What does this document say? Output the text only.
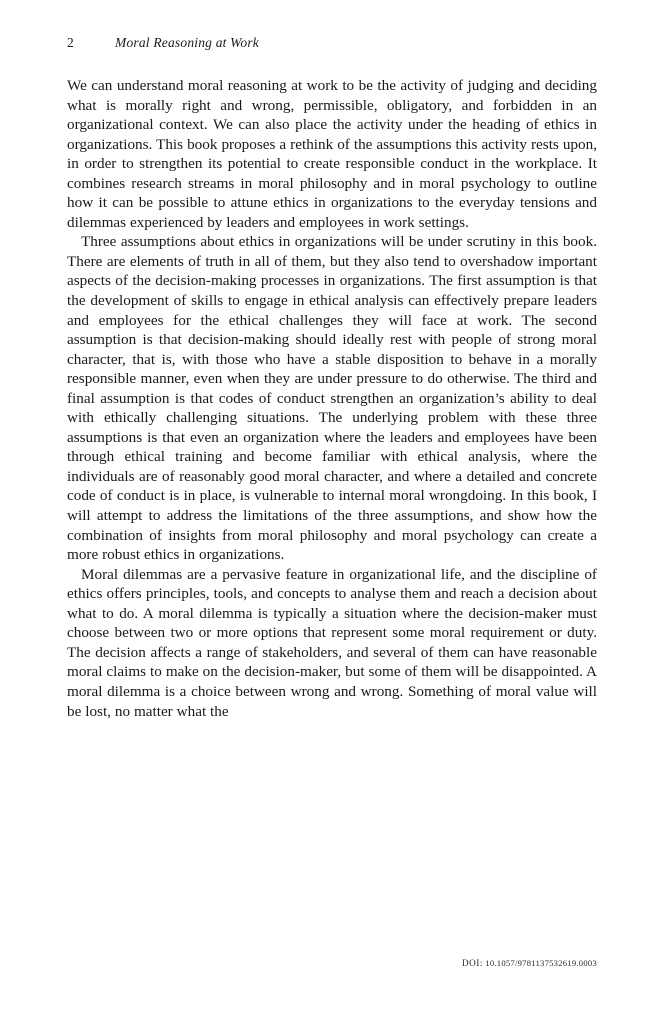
2	Moral Reasoning at Work

We can understand moral reasoning at work to be the activity of judging and deciding what is morally right and wrong, permissible, obligatory, and forbidden in an organizational context. We can also place the activity under the heading of ethics in organizations. This book proposes a rethink of the assumptions this activity rests upon, in order to strengthen its potential to create responsible conduct in the workplace. It combines research streams in moral philosophy and in moral psychology to outline how it can be possible to attune ethics in organizations to the everyday tensions and dilemmas experienced by leaders and employees in work settings.

Three assumptions about ethics in organizations will be under scrutiny in this book. There are elements of truth in all of them, but they also tend to overshadow important aspects of the decision-making processes in organizations. The first assumption is that the development of skills to engage in ethical analysis can effectively prepare leaders and employees for the ethical challenges they will face at work. The second assumption is that decision-making should ideally rest with people of strong moral character, that is, with those who have a stable disposition to behave in a morally responsible manner, even when they are under pressure to do otherwise. The third and final assumption is that codes of conduct strengthen an organization’s ability to deal with ethically challenging situations. The underlying problem with these three assumptions is that even an organization where the leaders and employees have been through ethical training and become familiar with ethical analysis, where the individuals are of reasonably good moral character, and where a detailed and concrete code of conduct is in place, is vulnerable to internal moral wrongdoing. In this book, I will attempt to address the limitations of the three assumptions, and show how the combination of insights from moral philosophy and moral psychology can create a more robust ethics in organizations.

Moral dilemmas are a pervasive feature in organizational life, and the discipline of ethics offers principles, tools, and concepts to analyse them and reach a decision about what to do. A moral dilemma is typically a situation where the decision-maker must choose between two or more options that represent some moral requirement or duty. The decision affects a range of stakeholders, and several of them can have reasonable moral claims to make on the decision-maker, but some of them will be disappointed. A moral dilemma is a choice between wrong and wrong. Something of moral value will be lost, no matter what the

DOI: 10.1057/9781137532619.0003
